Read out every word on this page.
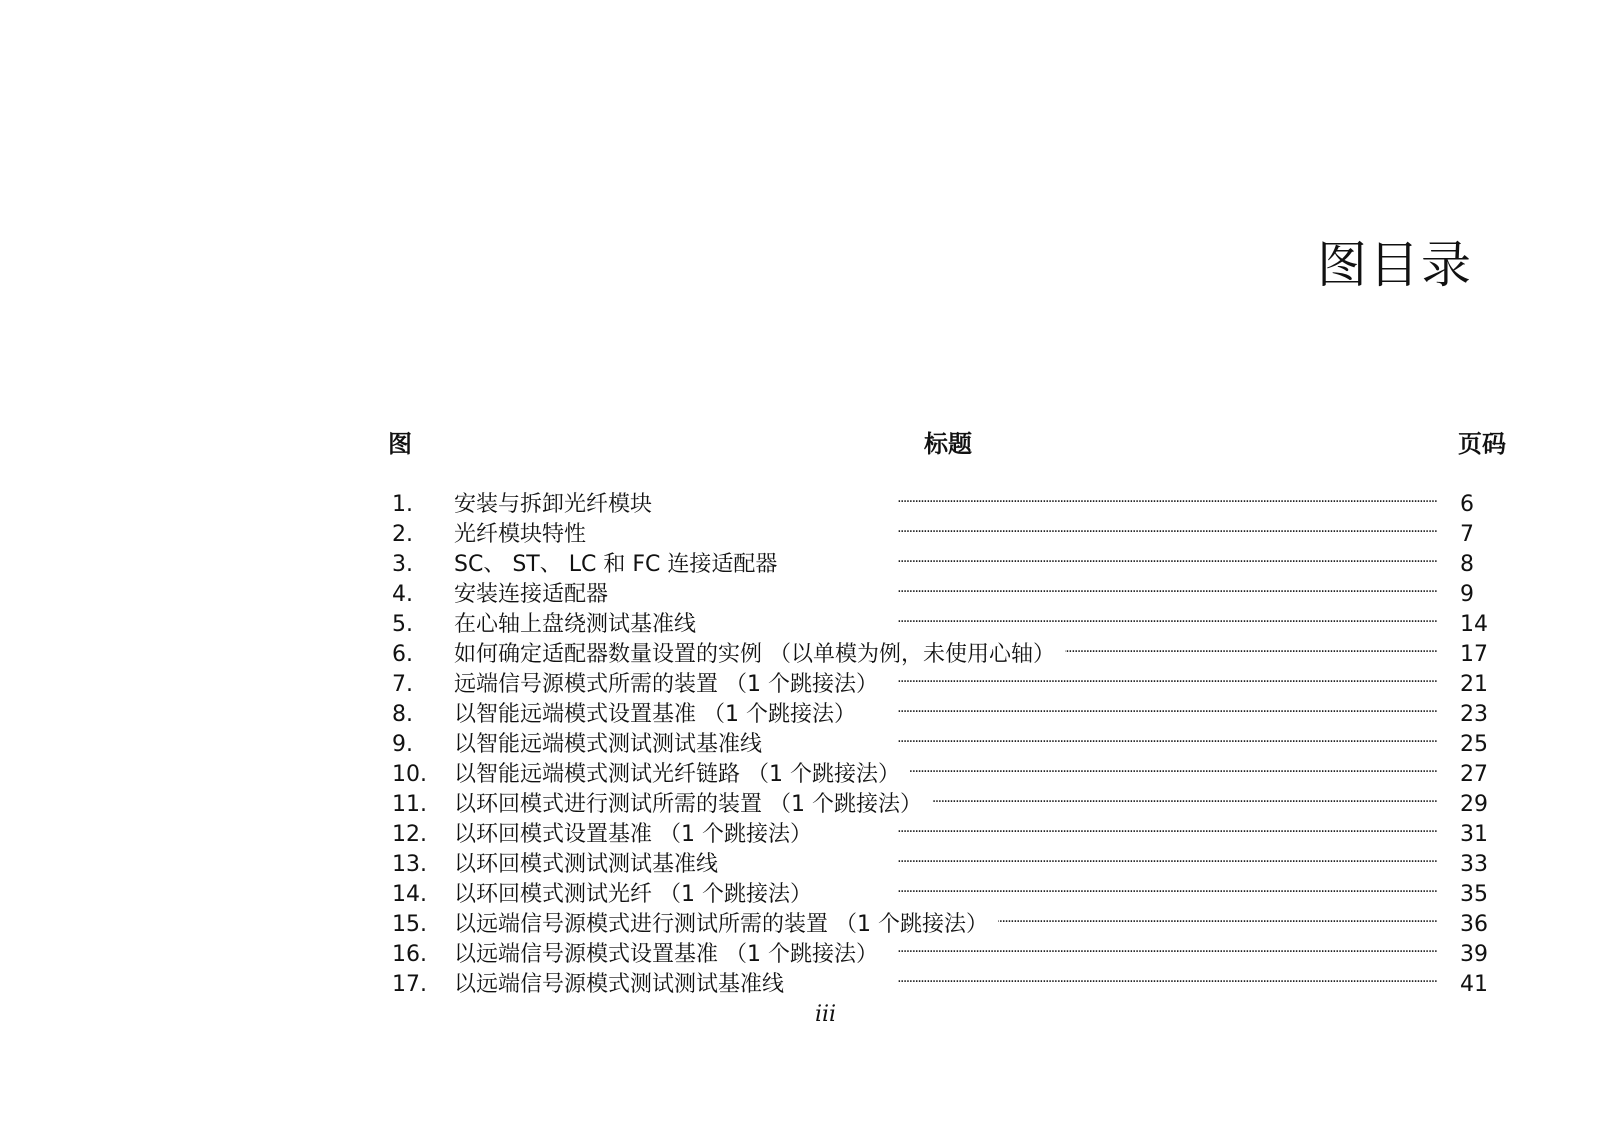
图目录
图	标题	页码
1.	安装与拆卸光纤模块 . . .	6
2.	光纤模块特性 . . .	7
3.	SC、 ST、 LC 和 FC 连接适配器 . . .	8
4.	安装连接适配器 . . .	9
5.	在心轴上盘绕测试基准线 . . .	14
6.	如何确定适配器数量设置的实例 （以单模为例，未使用心轴） . . .	17
7.	远端信号源模式所需的装置 （1 个跳接法） . . .	21
8.	以智能远端模式设置基准 （1 个跳接法） . . .	23
9.	以智能远端模式测试测试基准线 . . .	25
10.	以智能远端模式测试光纤链路 （1 个跳接法） . . .	27
11.	以环回模式进行测试所需的装置 （1 个跳接法） . . .	29
12.	以环回模式设置基准 （1 个跳接法） . . .	31
13.	以环回模式测试测试基准线 . . .	33
14.	以环回模式测试光纤 （1 个跳接法） . . .	35
15.	以远端信号源模式进行测试所需的装置 （1 个跳接法） . . .	36
16.	以远端信号源模式设置基准 （1 个跳接法） . . .	39
17.	以远端信号源模式测试测试基准线 . . .	41
iii
